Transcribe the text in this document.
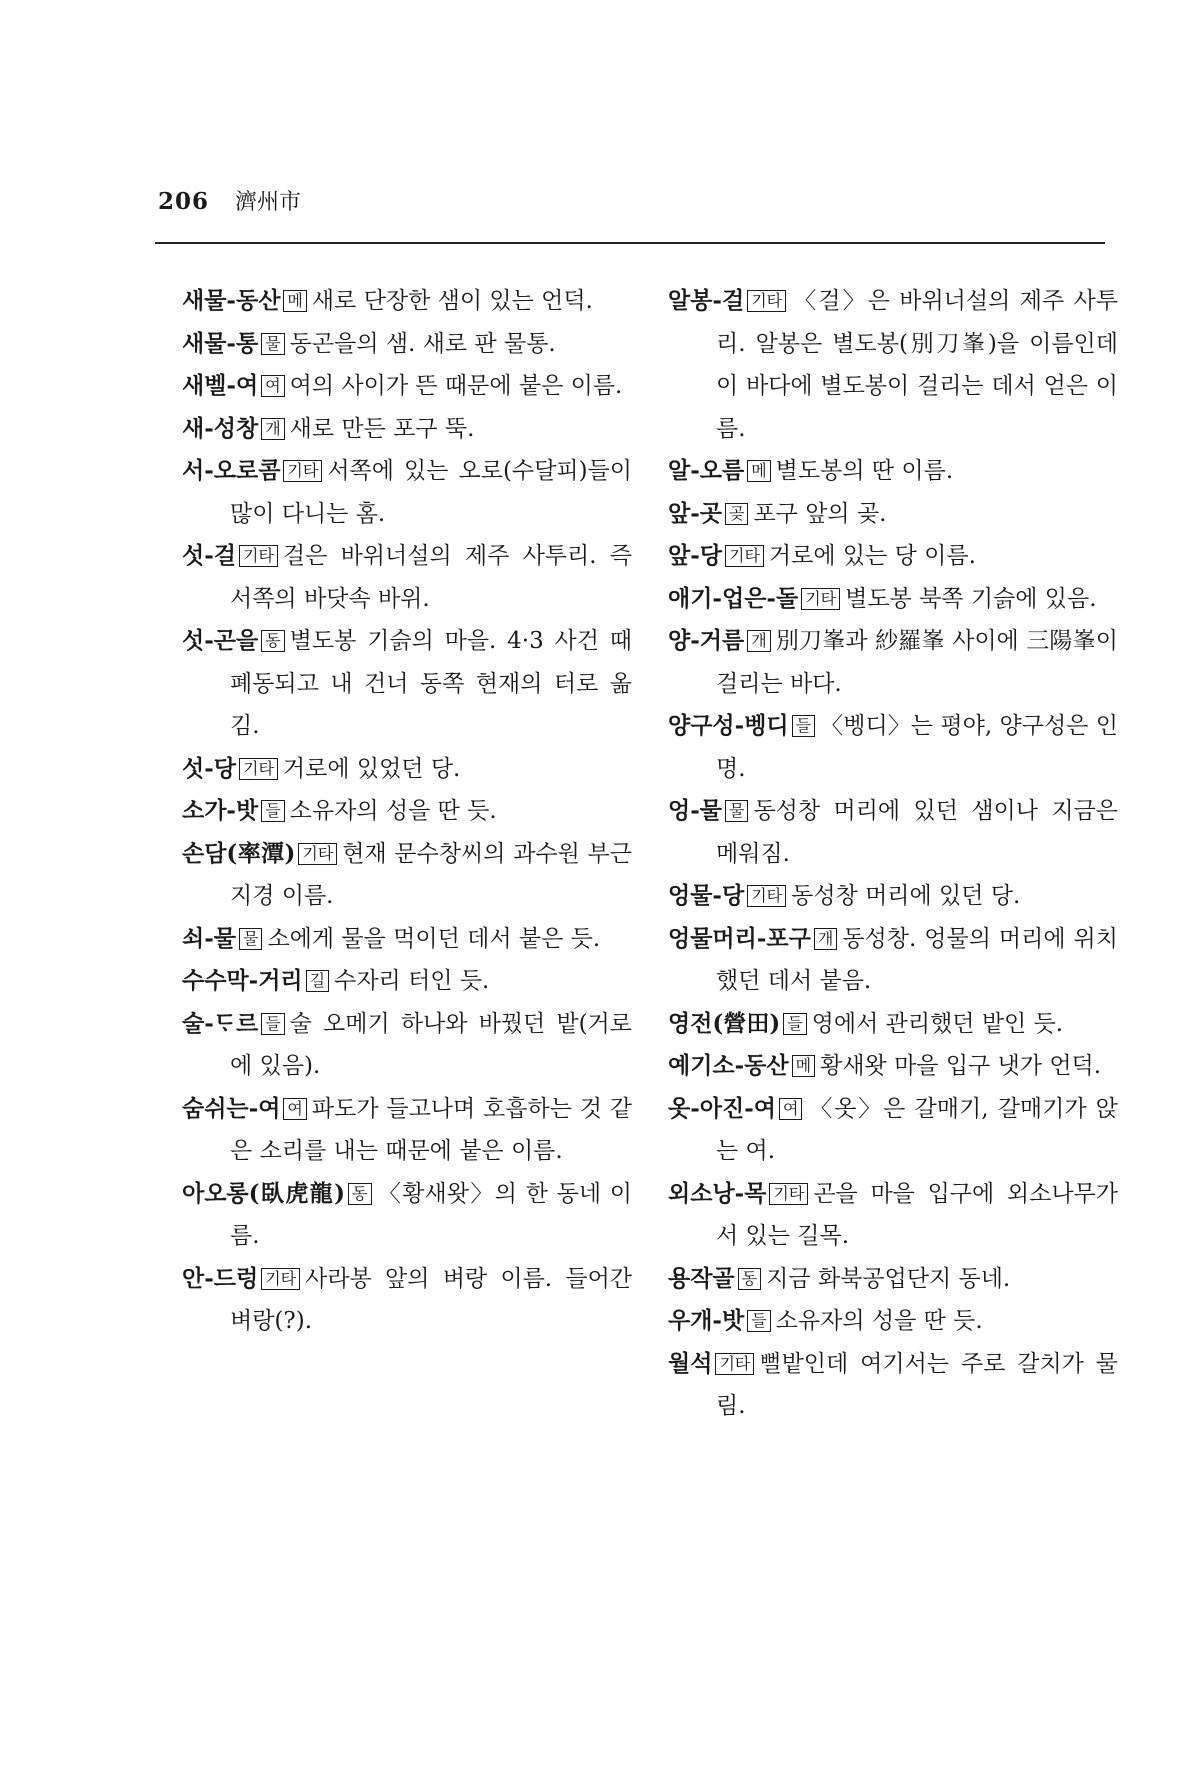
206 濟州市
새물-동산 메 새로 단장한 샘이 있는 언덕.
새물-통 물 동곤을의 샘. 새로 판 물통.
새벨-여 여 여의 사이가 뜬 때문에 붙은 이름.
새-성창 개 새로 만든 포구 뚝.
서-오로콤 기타 서쪽에 있는 오로(수달피)들이 많이 다니는 홈.
섯-걸 기타 걸은 바위너설의 제주 사투리. 즉 서쪽의 바닷속 바위.
섯-곤을 동 별도봉 기슭의 마을. 4·3 사건 때 폐동되고 내 건너 동쪽 현재의 터로 옮김.
섯-당 기타 거로에 있었던 당.
소가-밧 들 소유자의 성을 딴 듯.
손담(率潭) 기타 현재 문수창씨의 과수원 부근 지경 이름.
쇠-물 물 소에게 물을 먹이던 데서 붙은 듯.
수수막-거리 길 수자리 터인 듯.
술-ᄃᆞ르 들 술 오메기 하나와 바꿨던 밭(거로에 있음).
숨쉬는-여 여 파도가 들고나며 호흡하는 것 같은 소리를 내는 때문에 붙은 이름.
아오롱(臥虎龍) 동 〈황새왓〉의 한 동네 이름.
안-드렁 기타 사라봉 앞의 벼랑 이름. 들어간 벼랑(?).
알봉-걸 기타 〈걸〉은 바위너설의 제주 사투리. 알봉은 별도봉(別刀峯)을 이름인데 이 바다에 별도봉이 걸리는 데서 얻은 이름.
알-오름 메 별도봉의 딴 이름.
앞-곳 곶 포구 앞의 곶.
앞-당 기타 거로에 있는 당 이름.
애기-업은-돌 기타 별도봉 북쪽 기슭에 있음.
양-거름 개 別刀峯과 紗羅峯 사이에 三陽峯이 걸리는 바다.
양구성-벵디 들 〈벵디〉는 평야, 양구성은 인명.
엉-물 물 동성창 머리에 있던 샘이나 지금은 메워짐.
엉물-당 기타 동성창 머리에 있던 당.
엉물머리-포구 개 동성창. 엉물의 머리에 위치했던 데서 붙음.
영전(營田) 들 영에서 관리했던 밭인 듯.
예기소-동산 메 황새왓 마을 입구 냇가 언덕.
옷-아진-여 여 〈옷〉은 갈매기, 갈매기가 앉는 여.
외소낭-목 기타 곤을 마을 입구에 외소나무가 서 있는 길목.
용작골 동 지금 화북공업단지 동네.
우개-밧 들 소유자의 성을 딴 듯.
월석 기타 뻘밭인데 여기서는 주로 갈치가 물림.
